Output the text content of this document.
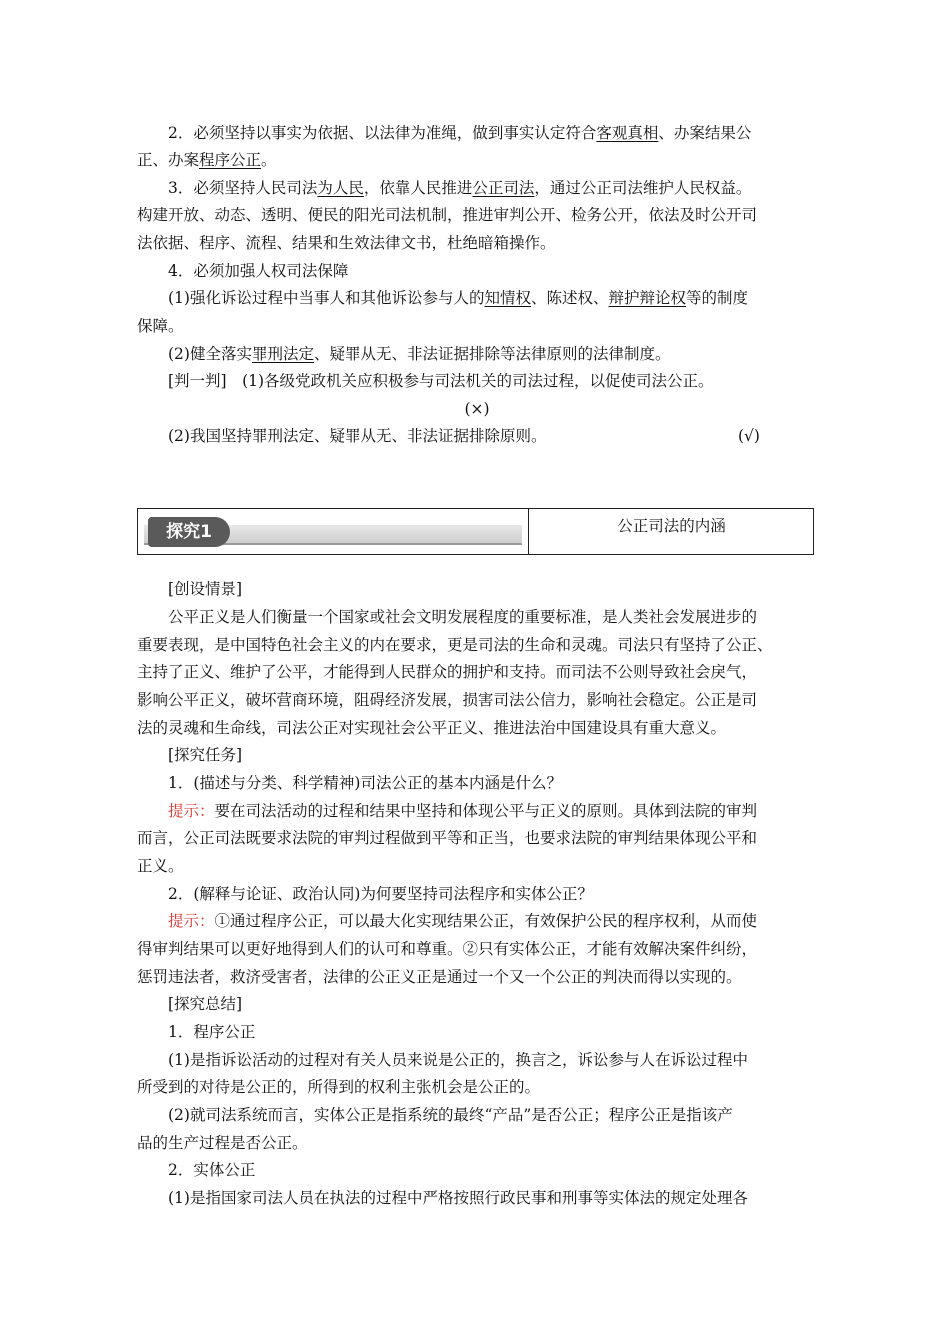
2．必须坚持以事实为依据、以法律为准绳，做到事实认定符合客观真相、办案结果公
正、办案程序公正。
3．必须坚持人民司法为人民，依靠人民推进公正司法，通过公正司法维护人民权益。
构建开放、动态、透明、便民的阳光司法机制，推进审判公开、检务公开，依法及时公开司
法依据、程序、流程、结果和生效法律文书，杜绝暗箱操作。
4．必须加强人权司法保障
(1)强化诉讼过程中当事人和其他诉讼参与人的知情权、陈述权、辩护辩论权等的制度
保障。
(2)健全落实罪刑法定、疑罪从无、非法证据排除等法律原则的法律制度。
[判一判]　(1)各级党政机关应积极参与司法机关的司法过程，以促使司法公正。
(×)
(2)我国坚持罪刑法定、疑罪从无、非法证据排除原则。	(√)
探究1	公正司法的内涵
[创设情景]
公平正义是人们衡量一个国家或社会文明发展程度的重要标准，是人类社会发展进步的
重要表现，是中国特色社会主义的内在要求，更是司法的生命和灵魂。司法只有坚持了公正、
主持了正义、维护了公平，才能得到人民群众的拥护和支持。而司法不公则导致社会戾气，
影响公平正义，破坏营商环境，阻碍经济发展，损害司法公信力，影响社会稳定。公正是司
法的灵魂和生命线，司法公正对实现社会公平正义、推进法治中国建设具有重大意义。
[探究任务]
1．(描述与分类、科学精神)司法公正的基本内涵是什么？
提示：要在司法活动的过程和结果中坚持和体现公平与正义的原则。具体到法院的审判
而言，公正司法既要求法院的审判过程做到平等和正当，也要求法院的审判结果体现公平和
正义。
2．(解释与论证、政治认同)为何要坚持司法程序和实体公正？
提示：①通过程序公正，可以最大化实现结果公正，有效保护公民的程序权利，从而使
得审判结果可以更好地得到人们的认可和尊重。②只有实体公正，才能有效解决案件纠纷，
惩罚违法者，救济受害者，法律的公正义正是通过一个又一个公正的判决而得以实现的。
[探究总结]
1．程序公正
(1)是指诉讼活动的过程对有关人员来说是公正的，换言之，诉讼参与人在诉讼过程中
所受到的对待是公正的，所得到的权利主张机会是公正的。
(2)就司法系统而言，实体公正是指系统的最终“产品”是否公正；程序公正是指该产
品的生产过程是否公正。
2．实体公正
(1)是指国家司法人员在执法的过程中严格按照行政民事和刑事等实体法的规定处理各
